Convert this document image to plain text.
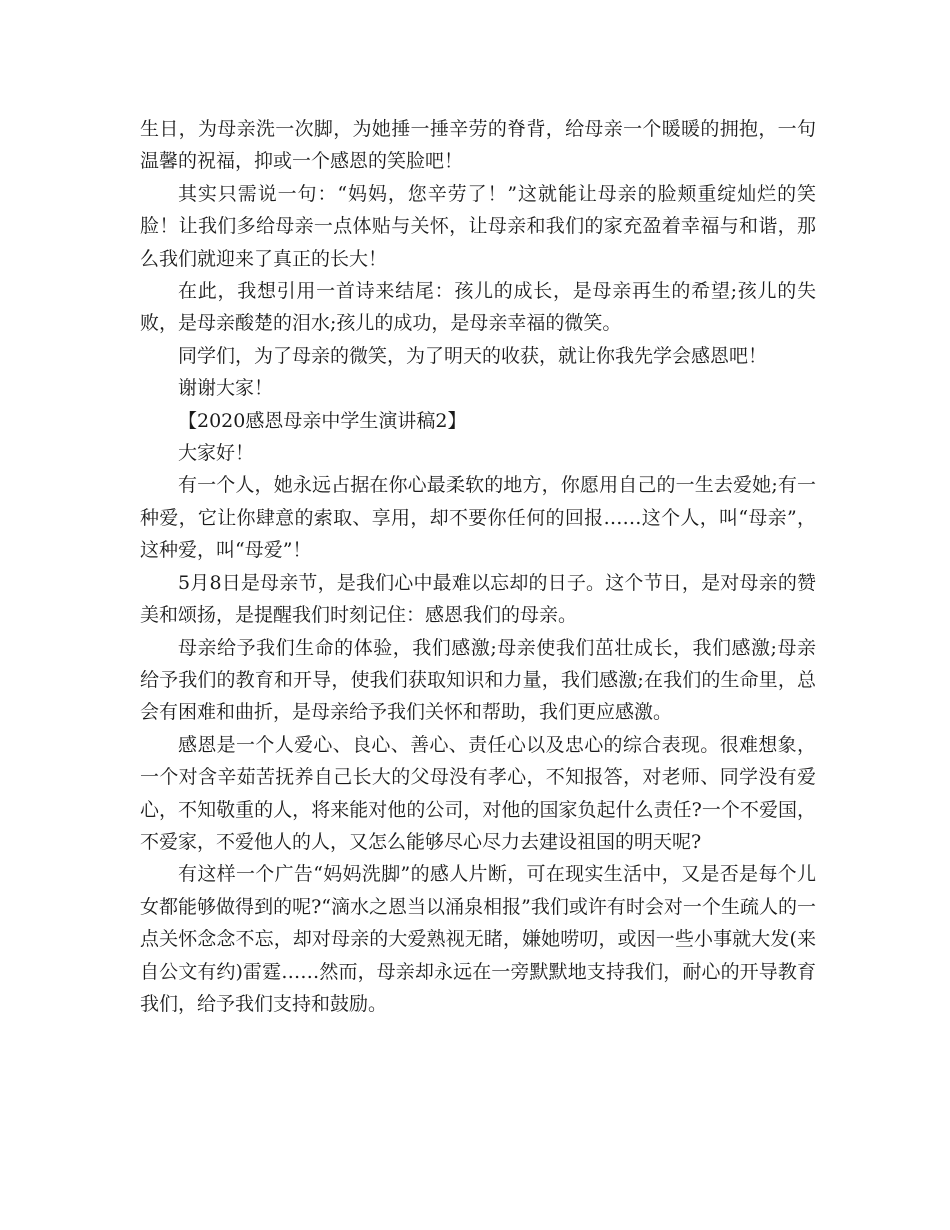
生日，为母亲洗一次脚，为她捶一捶辛劳的脊背，给母亲一个暖暖的拥抱，一句温馨的祝福，抑或一个感恩的笑脸吧！

其实只需说一句：“妈妈，您辛劳了！”这就能让母亲的脸颊重绽灿烂的笑脸！让我们多给母亲一点体贴与关怀，让母亲和我们的家充盈着幸福与和谐，那么我们就迎来了真正的长大！

在此，我想引用一首诗来结尾：孩儿的成长，是母亲再生的希望;孩儿的失败，是母亲酸楚的泪水;孩儿的成功，是母亲幸福的微笑。

同学们，为了母亲的微笑，为了明天的收获，就让你我先学会感恩吧！

谢谢大家！

【2020感恩母亲中学生演讲稿2】

大家好！

有一个人，她永远占据在你心最柔软的地方，你愿用自己的一生去爱她;有一种爱，它让你肆意的索取、享用，却不要你任何的回报……这个人，叫“母亲”，这种爱，叫“母爱”！

5月8日是母亲节，是我们心中最难以忘却的日子。这个节日，是对母亲的赞美和颂扬，是提醒我们时刻记住：感恩我们的母亲。

母亲给予我们生命的体验，我们感激;母亲使我们茁壮成长，我们感激;母亲给予我们的教育和开导，使我们获取知识和力量，我们感激;在我们的生命里，总会有困难和曲折，是母亲给予我们关怀和帮助，我们更应感激。

感恩是一个人爱心、良心、善心、责任心以及忠心的综合表现。很难想象，一个对含辛茹苦抚养自己长大的父母没有孝心，不知报答，对老师、同学没有爱心，不知敬重的人，将来能对他的公司，对他的国家负起什么责任?一个不爱国，不爱家，不爱他人的人，又怎么能够尽心尽力去建设祖国的明天呢?

有这样一个广告“妈妈洗脚”的感人片断，可在现实生活中，又是否是每个儿女都能够做得到的呢?“滴水之恩当以涌泉相报”我们或许有时会对一个生疏人的一点关怀念念不忘，却对母亲的大爱熟视无睹，嫌她唠叨，或因一些小事就大发(来自公文有约)雷霆……然而，母亲却永远在一旁默默地支持我们，耐心的开导教育我们，给予我们支持和鼓励。
